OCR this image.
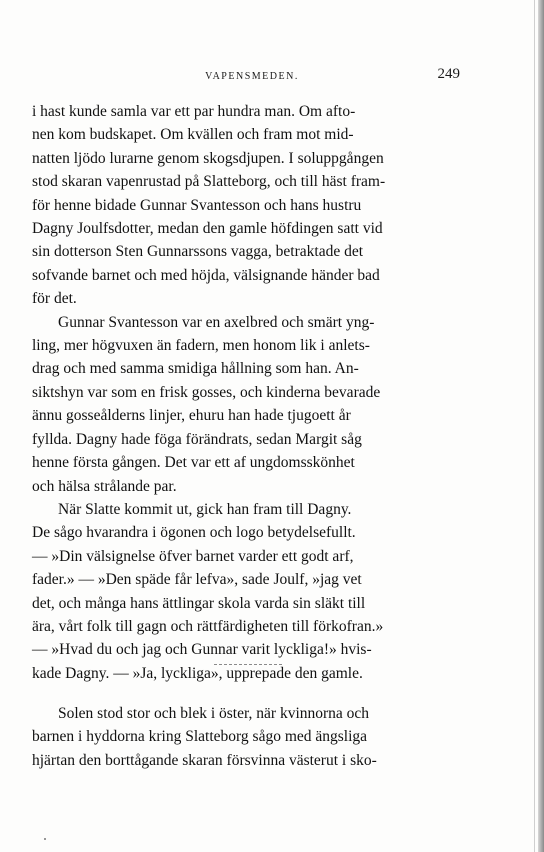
VAPENSMEDEN.	249

i hast kunde samla var ett par hundra man. Om afto-
nen kom budskapet. Om kvällen och fram mot mid-
natten ljödo lurarne genom skogsdjupen. I soluppgången
stod skaran vapenrustad på Slatteborg, och till häst fram-
för henne bidade Gunnar Svantesson och hans hustru
Dagny Joulfsdotter, medan den gamle höfdingen satt vid
sin dotterson Sten Gunnarssons vagga, betraktade det
sofvande barnet och med höjda, välsignande händer bad
för det.

Gunnar Svantesson var en axelbred och smärt yng-
ling, mer högvuxen än fadern, men honom lik i anlets-
drag och med samma smidiga hållning som han. An-
siktshyn var som en frisk gosses, och kinderna bevarade
ännu gosseålderns linjer, ehuru han hade tjugoett år
fyllda. Dagny hade föga förändrats, sedan Margit såg
henne första gången. Det var ett af ungdomsskönhet
och hälsa strålande par.

När Slatte kommit ut, gick han fram till Dagny.
De sågo hvarandra i ögonen och logo betydelsefullt.
— »Din välsignelse öfver barnet varder ett godt arf,
fader.» — »Den späde får lefva», sade Joulf, »jag vet
det, och många hans ättlingar skola varda sin släkt till
ära, vårt folk till gagn och rättfärdigheten till förkofran.»
— »Hvad du och jag och Gunnar varit lyckliga!» hvis-
kade Dagny. — »Ja, lyckliga», upprepade den gamle.

Solen stod stor och blek i öster, när kvinnorna och
barnen i hyddorna kring Slatteborg sågo med ängsliga
hjärtan den borttågande skaran försvinna västerut i sko-
